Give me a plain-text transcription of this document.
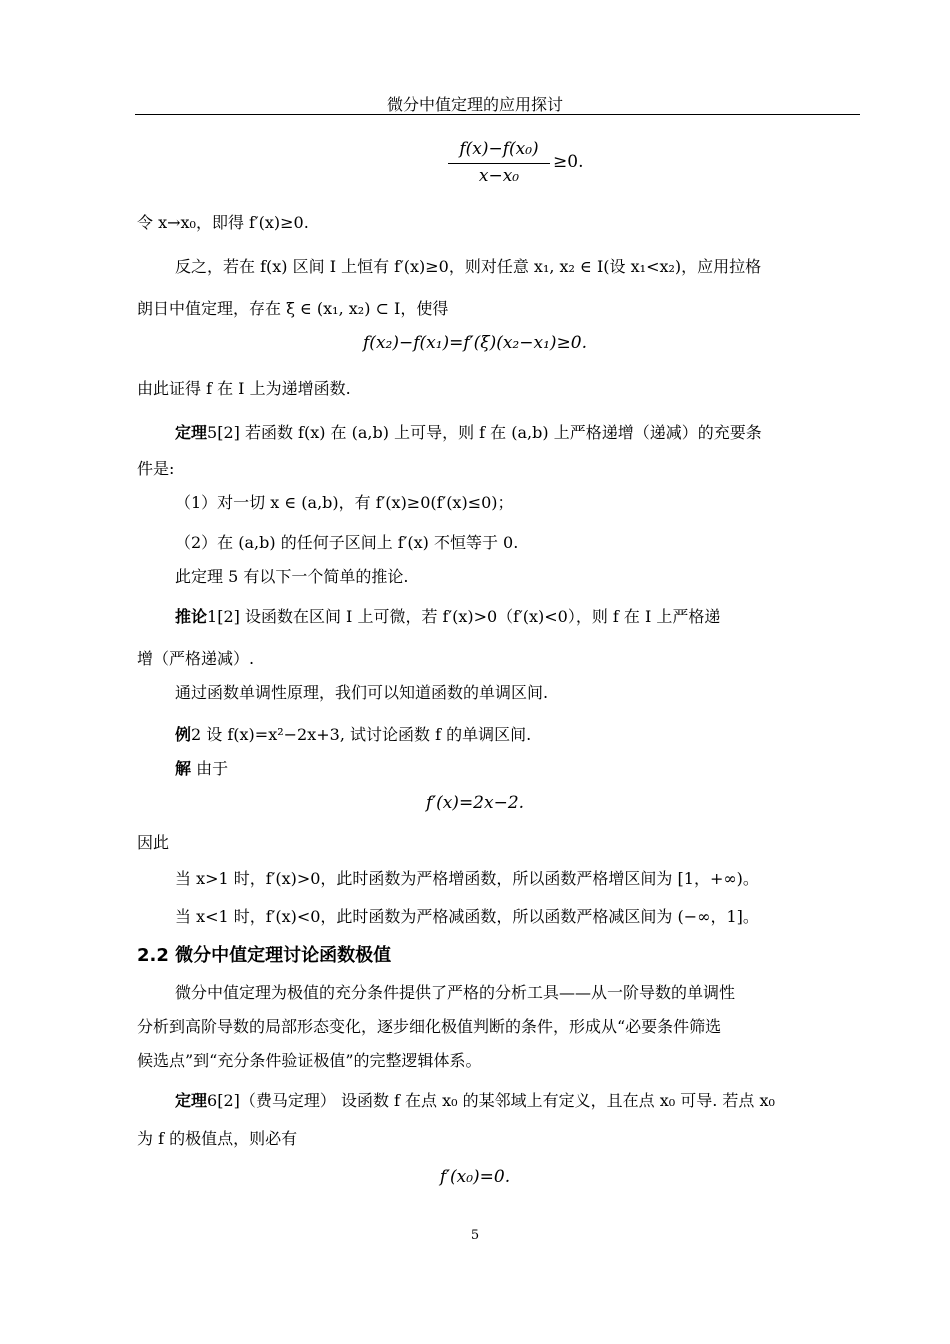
微分中值定理的应用探讨
f(x)−f(x₀)
x−x₀
≥0.
令 x→x₀，即得 f′(x)≥0.
反之，若在 f(x) 区间 I 上恒有 f′(x)≥0，则对任意 x₁, x₂ ∈ I(设 x₁<x₂)，应用拉格
朗日中值定理，存在 ξ ∈ (x₁, x₂) ⊂ I，使得
f(x₂)−f(x₁)=f′(ξ)(x₂−x₁)≥0.
由此证得 f 在 I 上为递增函数.
定理5[2] 若函数 f(x) 在 (a,b) 上可导，则 f 在 (a,b) 上严格递增（递减）的充要条
件是:
（1）对一切 x ∈ (a,b)，有 f′(x)≥0(f′(x)≤0)；
（2）在 (a,b) 的任何子区间上 f′(x) 不恒等于 0.
此定理 5 有以下一个简单的推论.
推论1[2] 设函数在区间 I 上可微，若 f′(x)>0（f′(x)<0），则 f 在 I 上严格递
增（严格递减）.
通过函数单调性原理，我们可以知道函数的单调区间.
例2 设 f(x)=x²−2x+3, 试讨论函数 f 的单调区间.
解 由于
f′(x)=2x−2.
因此
当 x>1 时，f′(x)>0，此时函数为严格增函数，所以函数严格增区间为 [1，+∞)。
当 x<1 时，f′(x)<0，此时函数为严格减函数，所以函数严格减区间为 (−∞，1]。
2.2 微分中值定理讨论函数极值
微分中值定理为极值的充分条件提供了严格的分析工具——从一阶导数的单调性
分析到高阶导数的局部形态变化，逐步细化极值判断的条件，形成从“必要条件筛选
候选点”到“充分条件验证极值”的完整逻辑体系。
定理6[2]（费马定理） 设函数 f 在点 x₀ 的某邻域上有定义，且在点 x₀ 可导. 若点 x₀
为 f 的极值点，则必有
f′(x₀)=0.
5
